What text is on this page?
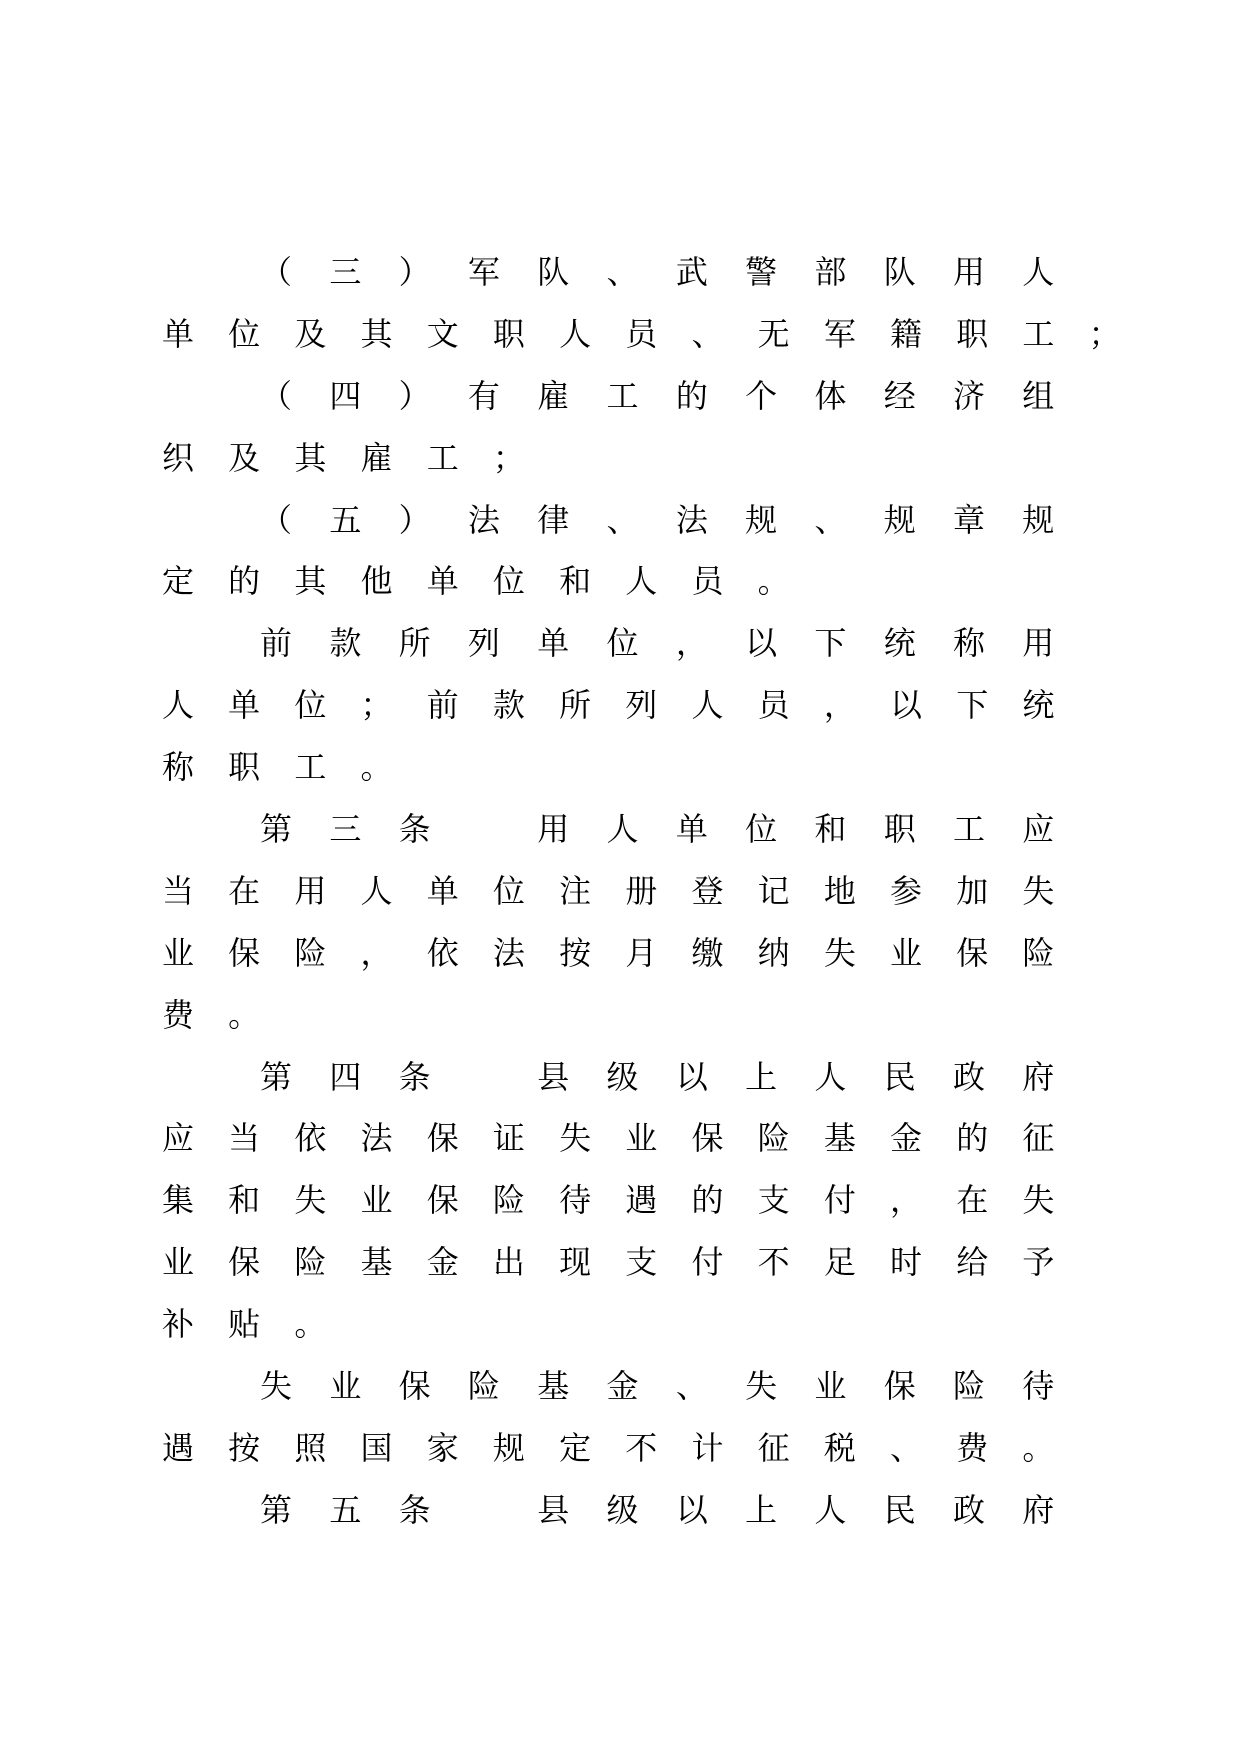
（ 三 ） 军 队 、 武 警 部 队 用 人
单 位 及 其 文 职 人 员 、 无 军 籍 职 工 ；
（ 四 ） 有 雇 工 的 个 体 经 济 组
织 及 其 雇 工 ；
（ 五 ） 法 律 、 法 规 、 规 章 规
定 的 其 他 单 位 和 人 员 。
前 款 所 列 单 位 ， 以 下 统 称 用
人 单 位 ； 前 款 所 列 人 员 ， 以 下 统
称 职 工 。
第 三 条　	用 人 单 位 和 职 工 应
当 在 用 人 单 位 注 册 登 记 地 参 加 失
业 保 险 ， 依 法 按 月 缴 纳 失 业 保 险
费 。
第 四 条　	县 级 以 上 人 民 政 府
应 当 依 法 保 证 失 业 保 险 基 金 的 征
集 和 失 业 保 险 待 遇 的 支 付 ， 在 失
业 保 险 基 金 出 现 支 付 不 足 时 给 予
补 贴 。
失 业 保 险 基 金 、 失 业 保 险 待
遇 按 照 国 家 规 定 不 计 征 税 、 费 。
第 五 条　	县 级 以 上 人 民 政 府
